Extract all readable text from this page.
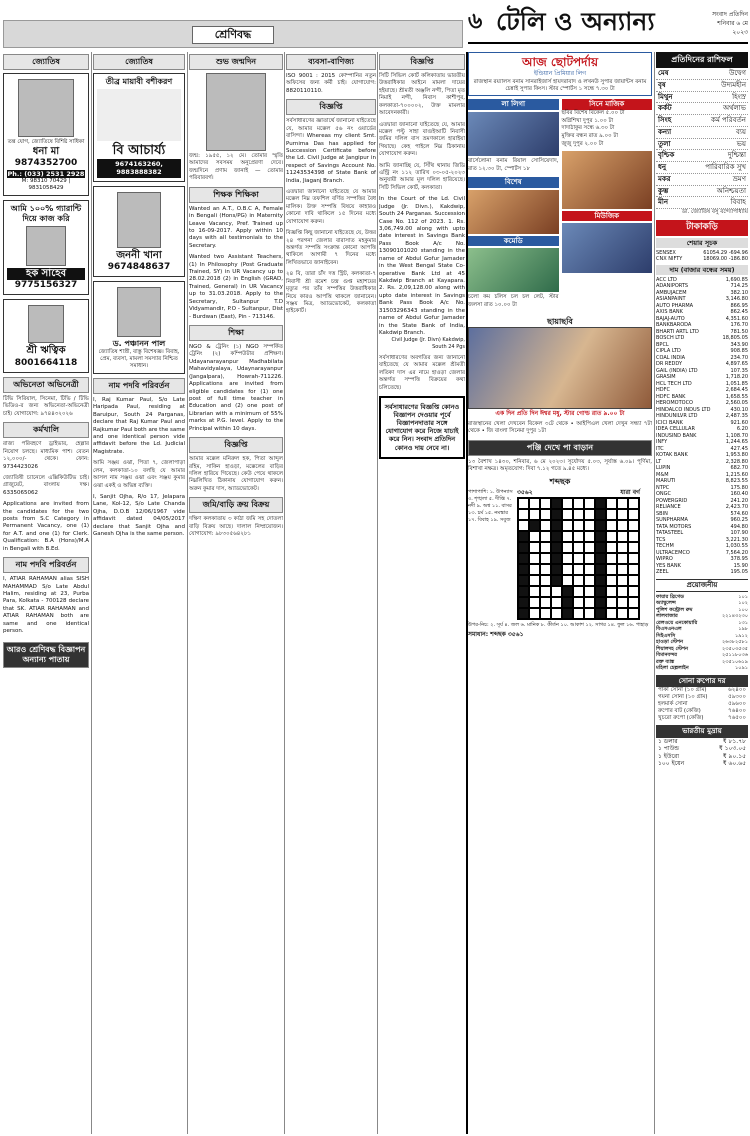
শ্রেণিবদ্ধ
৬ টেলি ও অন্যান্য	সংবাদ প্রতিদিন
শনিবার ৬ মে
২০২৩
জ্যোতিষ
তন্ত্র যোগ, জ্যোতিষে বিশিষ্ট সাধিকা
ধনা মা
9874352700
Ph.: (033) 2531 2928
M: 98310 70429 | 9831058429
আমি ১০০% গ্যারান্টি দিয়ে কাজ করি
হক সাহেব
9775156327
শ্রী ঋত্বিক
8001664118
অভিনেতা অভিনেত্রী
টিভি সিরিয়াল, সিনেমা, টিভি / টিভি ভিডিও-র জন্য অভিনেতা-অভিনেত্রী চাই। যোগাযোগ: ৯৭৪৪৩২০২৬
কর্মখালি
রাজ্য পরিবহণে ড্রাইভার, হেল্পার নিয়োগ চলছে। মাধ্যমিক পাশ। বেতন ১২,০০০/- থেকে। ফোন: 9734423026
জ্যোতিষী চ্যানেলে এক্সিকিউটিভ চাই। গ্রাজুয়েট, বাংলায় দক্ষ। 6335065062
Applications are invited from the candidates for the two posts from S.C Category in Permanent Vacancy, one (1) for A.T. and one (1) for Clerk. Qualification: B.A (Hons)/M.A in Bengali with B.Ed.
নাম পদবি পরিবর্তন
I, ATIAR RAHAMAN alias SISH MAHAMMAD S/o Late Abdul Halim, residing at 23, Purba Para, Kolkata - 700128 declare that SK. ATIAR RAHAMAN and ATIAR RAHAMAN both are same and one identical person.
আরও শ্রেণিবদ্ধ বিজ্ঞাপন
অন্যান্য পাতায়
জ্যোতিষ
তীব্র মায়াবী বশীকরণ
বি আচার্য্য
9674163260, 9883888382
জননী খানা
9674848637
ড. পঞ্চানন পাল
জ্যোতিষ শাস্ত্রী, বাস্তু বিশেষজ্ঞ। বিবাহ, প্রেম, ব্যবসা, মামলা সমস্যার নিশ্চিত সমাধান।
নাম পদবি পরিবর্তন
I, Raj Kumar Paul, S/o Late Haripada Paul, residing at Baruipur, South 24 Parganas, declare that Raj Kumar Paul and Rajkumar Paul both are the same and one identical person vide affidavit before the Ld. Judicial Magistrate.
আমি সঞ্জয় ওঝা, পিতা ৭, জেলাপাড়া লেন, কলকাতা-১০ বলছি যে আমার আসল নাম সঞ্জয় ওঝা এবং সঞ্জয় কুমার ওঝা একই ও অভিন্ন ব্যক্তি।
I, Sanjit Ojha, R/o 17, Jelapara Lane, Kol-12, S/o Late Chanda Ojha, D.O.B 12/06/1967 vide affidavit dated 04/05/2017 declare that Sanjit Ojha and Ganesh Ojha is the same person.
শুভ জন্মদিন
জন্ম: ১৯৫৫, ১২ মে। তোমার স্মৃতি আমাদের সবসময় অনুপ্রেরণা দেবে। জন্মদিনে প্রণাম জানাই — তোমার পরিবারবর্গ।
শিক্ষক শিক্ষিকা
Wanted an A.T., O.B.C A, Female in Bengali (Hons/PG) in Maternity Leave Vacancy, Pref. Trained up to 16-09-2017. Apply within 10 days with all testimonials to the Secretary.
Wanted two Assistant Teachers, (1) In Philosophy (Post Graduate Trained, SY) in UR Vacancy up to 28.02.2018 (2) in English (GRAD, Trained, General) in UR Vacancy up to 31.03.2018. Apply to the Secretary, Sultanpur T.D Vidyamandir, P.O - Sultanpur, Dist - Burdwan (East), Pin - 713146.
শিক্ষা
NGO & ট্রেনিং (১) NGO সম্পর্কিত ট্রেনিং (২) কম্পিউটার প্রশিক্ষণ। Udayanarayanpur Madhabilata Mahavidyalaya, Udaynarayanpur (Jangalpara), Howrah-711226. Applications are invited from eligible candidates for (1) one post of full time teacher in Education and (2) one post of Librarian with a minimum of 55% marks at P.G. level. Apply to the Principal within 10 days.
বিজ্ঞপ্তি
আমার মক্কেল মনিরুল হক, পিতা আব্দুল রহিম, সাকিন হাওড়া, মক্কেলের বাড়ির দলিল হারিয়ে গিয়েছে। কেউ পেয়ে থাকলে নিম্নলিখিত ঠিকানায় যোগাযোগ করুন। অরুন কুমার দাস, অ্যাডভোকেট।
জমি/বাড়ি ক্রয় বিক্রয়
দক্ষিণ কলকাতায় ৩ কাঠা জমি সহ দোতলা বাড়ি বিক্রয় আছে। দালাল নিষ্প্রয়োজন। যোগাযোগ: ৯৮৩০৫৬৪২৮১
ব্যবসা-বাণিজ্য
ISO 9001 : 2015 কোম্পানির নতুন অফিসের জন্য কর্মী চাই। যোগাযোগ: 8820110110.
বিজ্ঞপ্তি
সর্বসাধারণের জ্ঞাতার্থে জানানো যাইতেছে যে, আমার মক্কেল ৫৬ নং ওয়ার্ডের বাসিন্দা। Whereas my client Smt. Purnima Das has applied for Succession Certificate before the Ld. Civil Judge at Jangipur in respect of Savings Account No. 11243534398 of State Bank of India, Jiaganj Branch.
এতদ্বারা জানানো যাইতেছে যে আমার মক্কেল নিম্ন তফশিল বর্ণিত সম্পত্তির বৈধ মালিক। উক্ত সম্পত্তি বিষয়ে কাহারও কোনো দাবি থাকিলে ১৫ দিনের মধ্যে যোগাযোগ করুন।
বিজ্ঞপ্তি কিছু জানানো যাইতেছে যে, উত্তর ২৪ পরগনা জেলার বারাসাত মহকুমার অন্তর্গত সম্পত্তি সংক্রান্ত কোনো আপত্তি থাকিলে আগামী ৭ দিনের মধ্যে লিখিতভাবে জানাইবেন।
২৪ বি, তারা চাঁদ দত্ত স্ট্রিট, কলকাতা-৭ নিবাসী শ্রী রমেশ চন্দ্র গুপ্ত মহাশয়ের মৃত্যুর পর তাঁর সম্পত্তির উত্তরাধিকার নিয়ে কারও আপত্তি থাকলে জানাবেন। সঞ্জয় মিত্র, অ্যাডভোকেট, কলকাতা হাইকোর্ট।
বিজ্ঞপ্তি
সিটি সিভিল কোর্ট কলিকাতায় ভারতীয় উত্তরাধিকার আইনে মামলা দায়ের হইয়াছে। শ্রীমতী অঞ্জলি নন্দী, পিতা মৃত নিমাই নন্দী, নিবাস কাশীপুর, কলকাতা-৭০০০০২, উক্ত মামলার আবেদনকারী।
এতদ্বারা জানানো যাইতেছে যে, আমার মক্কেল পল্টু সাহা বাগুইআটি নিবাসী জমির দলিল বাস ভ্রমণকালে হারাইয়া গিয়াছে। কেহ পাইলে নিম্ন ঠিকানায় যোগাযোগ করুন।
আমি জানাচ্ছি যে, সিঁথি থানায় জিডি এন্ট্রি নং ১১২ তারিখ ০৩-০৫-২০২৩ অনুযায়ী আমার মূল দলিল হারিয়েছে। সিটি সিভিল কোর্ট, কলকাতা।
In the Court of the Ld. Civil Judge (Jr. Divn.), Kakdwip, South 24 Parganas. Succession Case No. 112 of 2023. 1. Rs. 3,06,749.00 along with upto date interest in Savings Bank Pass Book A/c No. 13090101020 standing in the name of Abdul Gofur Jamader in the West Bengal State Co-operative Bank Ltd at 45 Kakdwip Branch at Kayapara. 2. Rs. 2,09,128.00 along with upto date interest in Savings Bank Pass Book A/c No. 31503296343 standing in the name of Abdul Gofur Jamader in the State Bank of India, Kakdwip Branch.
Civil Judge (Jr. Divn) Kakdwip, South 24 Pgs
সর্বসাধারণের অবগতির জন্য জানানো যাইতেছে যে আমার মক্কেল শ্রীমতী লতিকা দাস এর নামে হাওড়া জেলার অন্তর্গত সম্পত্তি বিক্রয়ের কথা চলিতেছে।
সর্বসাধারণের বিজ্ঞপ্তি কোনও বিজ্ঞাপন দেওয়ার পূর্বে বিজ্ঞাপনদাতার সঙ্গে যোগাযোগ করে নিজে যাচাই করে নিন। সংবাদ প্রতিদিন কোনও দায় নেবে না।
আজ ছোটপর্দায়
ইন্ডিয়ান প্রিমিয়ার লিগ
রাজস্থান রয়্যালস বনাম সানরাইজার্স হায়দরাবাদ ও লখনউ সুপার জায়ান্টস বনাম চেন্নাই সুপার কিংস। স্টার স্পোর্টস ১ সন্ধে ৭.৩০ টা
লা লিগা
বার্সেলোনা বনাম রিয়াল সোসিয়েদাদ, রাত ১২.৩০ টা, স্পোর্টস ১৮
বিশেষ
কমেডি
চলো কম চলিস চল চল লেট, স্টার জলসা রাত ১০.০০ টা
সিনে মাজিক
ছবির বিশেষ বিকেল ৫.০০ টা
অগ্নিশিখা দুপুর ১.০০ টা
দাদাঠাকুর সন্ধে ৬.৩০ টা
মুক্তির বন্ধন রাত ৯.০০ টা
জুজু দুপুর ২.০০ টা
মিউজিক
ছায়াছবি
এক দিন প্রতি দিন ঈশ্বর মধু, স্টার গোল্ড রাত ৯.০০ টা
রাজস্থানের খেলা দেখবেন বিকেল ৩টে থেকে • আইপিএল খেলা দেখুন সন্ধ্যা ৭টা থেকে • জি বাংলা সিনেমা দুপুর ১টা
পঞ্জি দেখে পা বাড়ান
১৩ বৈশাখ ১৪৩০, শনিবার, ৬ মে ২০২৩। সূর্যোদয় ৫.০৩, সূর্যাস্ত ৬.০৯। পূর্ণিমা, বিশাখা নক্ষত্র। অমৃতযোগ: দিবা ৭.১২ গতে ৯.৪৫ মধ্যে।
শব্দছক
পাশাপাশি: ১. উপন্যাস ৩. শৃঙ্খলা ৫. দীপ্তি ৭. নদী ৯. অশ্ব ১১. বাসর ১৩. চর্ম ১৫. নমস্কার ১৭. বিবাহ ১৯. সবুজ
৩৫৬২	যারা বর্গ
উপর-নিচ: ২. সূর্য ৪. জল ৬. মানিক ৮. কীর্তন ১০. আকাশ ১২. সাগর ১৪. ফুল ১৬. পাহাড়
সমাধান: শব্দছক ৩৫৬১
প্রতিদিনের রাশিফল
মেষ	উদ্বেগ
বৃষ	উদ্যমহীন
মিথুন	হিংস্র
কর্কট	অর্থলাভ
সিংহ	কর্ম পরিবর্তন
কন্যা	ব্যয়
তুলা	ভয়
বৃশ্চিক	দুশ্চিন্তা
ধনু	পারিবারিক সুখ
মকর	ভ্রমণ
কুম্ভ	অনিশ্চয়তা
মীন	বিবাহ
ডা. জ্যোতিষ বসু বন্দ্যোপাধ্যায়
টাকাকড়ি
শেয়ার সূচক
SENSEX	61054.29 -694.96
CNX NIFTY	18069.00 -186.80
দাম (বাজার বন্ধের সময়)
ACC LTD	1,690.85
ADANIPORTS	714.25
AMBUJACEM	382.10
ASIANPAINT	3,146.80
AUTO PHARMA	866.95
AXIS BANK	862.45
BAJAJ-AUTO	4,351.60
BANKBARODA	176.70
BHARTI ARTL LTD	781.50
BOSCH LTD	18,805.05
BPCL	343.90
CIPLA LTD	908.85
COAL INDIA	234.70
DR REDDY	4,897.65
GAIL (INDIA) LTD	107.35
GRASIM	1,718.20
HCL TECH LTD	1,051.85
HDFC	2,684.45
HDFC BANK	1,658.55
HEROMOTOCO	2,560.05
HINDALCO INDUS LTD	430.10
HINDUNILVR LTD	2,487.35
ICICI BANK	921.60
IDEA CELLULAR	6.20
INDUSIND BANK	1,108.70
INFY	1,244.65
ITC	427.45
KOTAK BANK	1,953.80
LT	2,328.80
LUPIN	682.70
M&M	1,215.60
MARUTI	8,823.55
NTPC	175.80
ONGC	160.40
POWERGRID	241.20
RELIANCE	2,423.70
SBIN	574.60
SUNPHARMA	960.25
TATA MOTORS	494.80
TATASTEEL	107.90
TCS	3,221.30
TECHM	1,030.55
ULTRACEMCO	7,564.20
WIPRO	378.95
YES BANK	15.90
ZEEL	195.05
প্রয়োজনীয়
ফায়ার ব্রিগেড	১০১
অ্যাম্বুলেন্স	১০২
পুলিশ কন্ট্রোল রুম	১০০
লালবাজার	২২১৪৩২৩০
রেলওয়ে এনকোয়ারি	১৩১
বিএসএনএল	১৯৮
সিইএসসি	১৯১২
হাওড়া স্টেশন	২৬৩৮২৫৮১
শিয়ালদহ স্টেশন	২৩৫০৩৫৩৫
বিমানবন্দর	২৫১১৮০৩৬
রক্ত ব্যাঙ্ক	২৩৫১০৬১৯
মহিলা হেল্পলাইন	১০৯১
সোনা রুপোর দর
পাকা সোনা (১০ গ্রাম)	৬২৪০০
গয়না সোনা (১০ গ্রাম)	৫৯৩০০
হলমার্ক সোনা	৫৯৬০০
রুপোর বাট (কেজি)	৭৬৪০০
খুচরো রুপো (কেজি)	৭৬৫০০
ভারতীয় মুদ্রায়
১ ডলার	₹ ৮১.৭৮
১ পাউন্ড	₹ ১০৩.০৫
১ ইউরো	₹ ৯০.১৫
১০০ ইয়েন	₹ ৬০.৬৫
